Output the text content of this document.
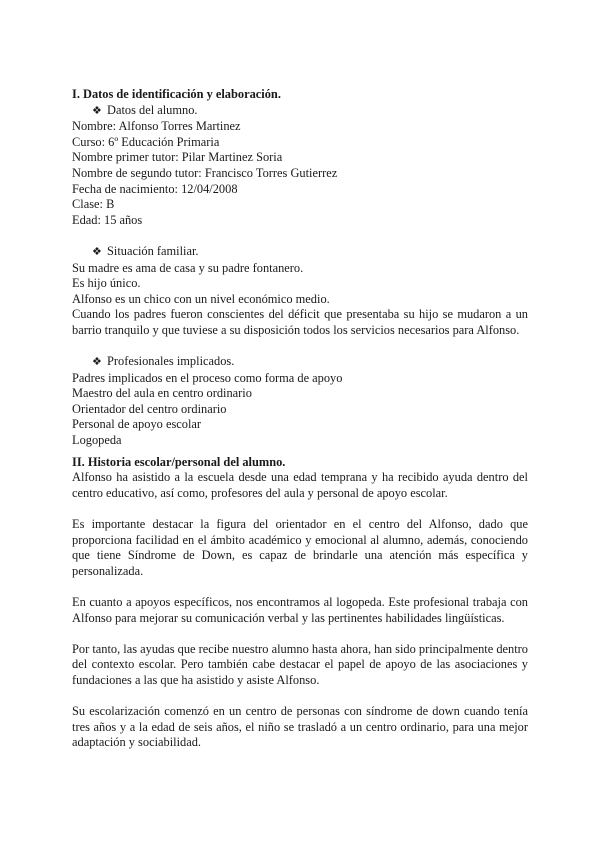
I. Datos de identificación y elaboración.

❖ Datos del alumno.

Nombre: Alfonso Torres Martinez

Curso: 6º Educación Primaria

Nombre primer tutor: Pilar Martinez Soria

Nombre de segundo tutor: Francisco Torres Gutierrez

Fecha de nacimiento: 12/04/2008

Clase: B

Edad: 15 años

❖ Situación familiar.

Su madre es ama de casa y su padre fontanero.

Es hijo único.

Alfonso es un chico con un nivel económico medio.

Cuando los padres fueron conscientes del déficit que presentaba su hijo se mudaron a un barrio tranquilo y que tuviese a su disposición todos los servicios necesarios para Alfonso.

❖ Profesionales implicados.

Padres implicados en el proceso como forma de apoyo

Maestro del aula en centro ordinario

Orientador del centro ordinario

Personal de apoyo escolar

Logopeda

II. Historia escolar/personal del alumno.

Alfonso ha asistido a la escuela desde una edad temprana y ha recibido ayuda dentro del centro educativo, así como, profesores del aula y personal de apoyo escolar.

Es importante destacar la figura del orientador en el centro del Alfonso, dado que proporciona facilidad en el ámbito académico y emocional al alumno, además, conociendo que tiene Síndrome de Down, es capaz de brindarle una atención más específica y personalizada.

En cuanto a apoyos específicos, nos encontramos al logopeda. Este profesional trabaja con Alfonso para mejorar su comunicación verbal y las pertinentes habilidades lingüísticas.

Por tanto, las ayudas que recibe nuestro alumno hasta ahora, han sido principalmente dentro del contexto escolar. Pero también cabe destacar el papel de apoyo de las asociaciones y fundaciones a las que ha asistido y asiste Alfonso.

Su escolarización comenzó en un centro de personas con síndrome de down cuando tenía tres años y a la edad de seis años, el niño se trasladó a un centro ordinario, para una mejor adaptación y sociabilidad.
